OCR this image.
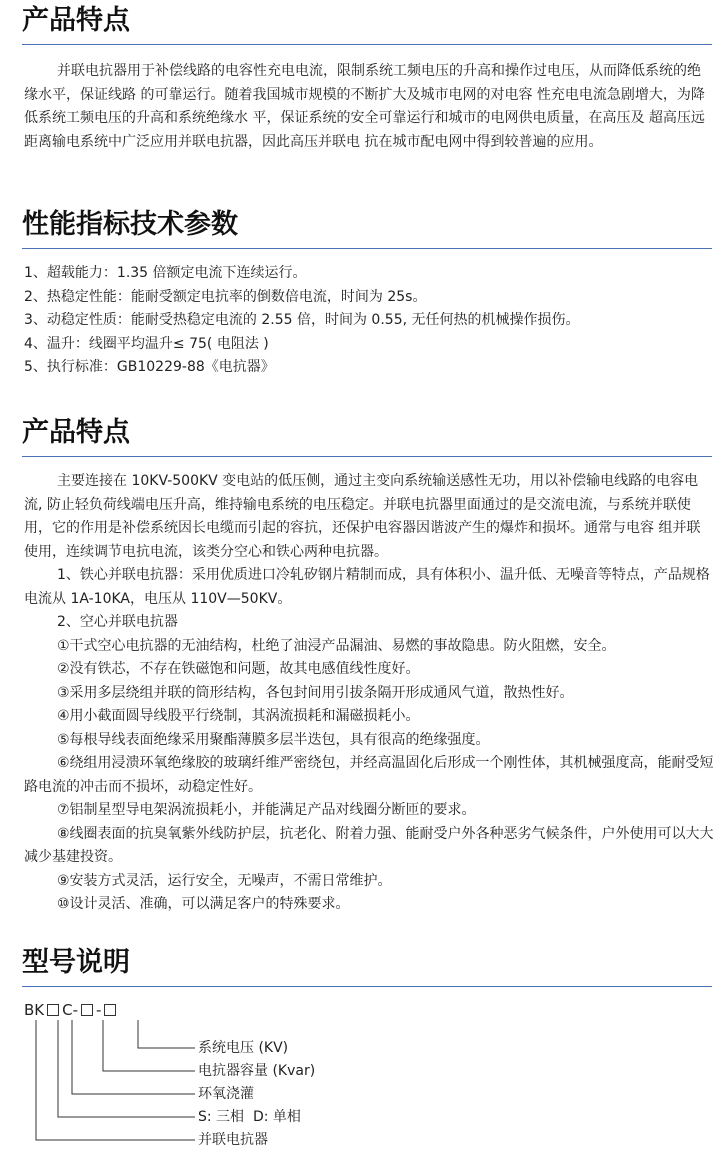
产品特点

并联电抗器用于补偿线路的电容性充电电流，限制系统工频电压的升高和操作过电压，从而降低系统的绝缘水平，保证线路 的可靠运行。随着我国城市规模的不断扩大及城市电网的对电容 性充电电流急剧增大，为降低系统工频电压的升高和系统绝缘水 平，保证系统的安全可靠运行和城市的电网供电质量，在高压及 超高压远距离输电系统中广泛应用并联电抗器，因此高压并联电 抗在城市配电网中得到较普遍的应用。

性能指标技术参数

1、超载能力：1.35 倍额定电流下连续运行。

2、热稳定性能：能耐受额定电抗率的倒数倍电流，时间为 25s。

3、动稳定性质：能耐受热稳定电流的 2.55 倍，时间为 0.55, 无任何热的机械操作损伤。

4、温升：线圈平均温升≤ 75( 电阻法 )

5、执行标准：GB10229-88《电抗器》

产品特点

主要连接在 10KV-500KV 变电站的低压侧，通过主变向系统输送感性无功，用以补偿输电线路的电容电流, 防止轻负荷线端电压升高，维持输电系统的电压稳定。并联电抗器里面通过的是交流电流，与系统并联使用，它的作用是补偿系统因长电缆而引起的容抗，还保护电容器因谐波产生的爆炸和损坏。通常与电容 组并联使用，连续调节电抗电流，该类分空心和铁心两种电抗器。

1、铁心并联电抗器：采用优质进口冷轧矽钢片精制而成，具有体积小、温升低、无噪音等特点，产品规格电流从 1A-10KA，电压从 110V—50KV。

2、空心并联电抗器

①干式空心电抗器的无油结构，杜绝了油浸产品漏油、易燃的事故隐患。防火阻燃，安全。

②没有铁芯，不存在铁磁饱和问题，故其电感值线性度好。

③采用多层绕组并联的筒形结构，各包封间用引拔条隔开形成通风气道，散热性好。

④用小截面圆导线股平行绕制，其涡流损耗和漏磁损耗小。

⑤每根导线表面绝缘采用聚酯薄膜多层半迭包，具有很高的绝缘强度。

⑥绕组用浸溃环氧绝缘胶的玻璃纤维严密绕包，并经高温固化后形成一个刚性体，其机械强度高，能耐受短路电流的冲击而不损坏，动稳定性好。

⑦铝制星型导电架涡流损耗小，并能满足产品对线圈分断匝的要求。

⑧线圈表面的抗臭氧紫外线防护层，抗老化、附着力强、能耐受户外各种恶劣气候条件，户外使用可以大大减少基建投资。

⑨安装方式灵活，运行安全，无噪声，不需日常维护。

⑩设计灵活、准确，可以满足客户的特殊要求。

型号说明
BK C- -
系统电压 (KV)
电抗器容量 (Kvar)
环氧浇灌
S: 三相  D: 单相
并联电抗器
